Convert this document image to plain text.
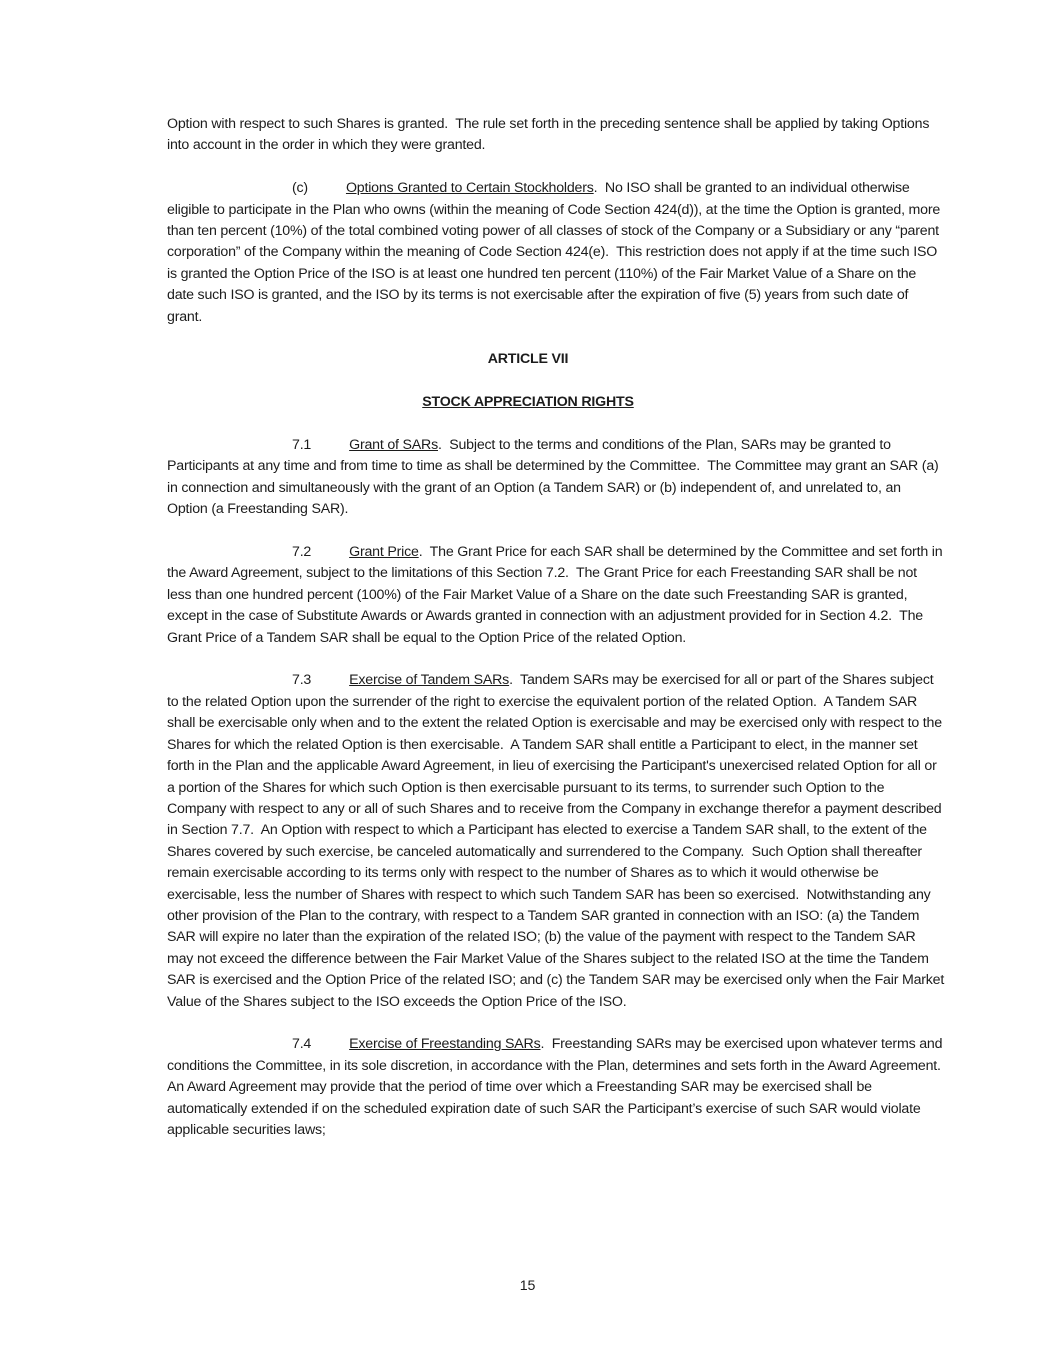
Option with respect to such Shares is granted.  The rule set forth in the preceding sentence shall be applied by taking Options into account in the order in which they were granted.

(c)	Options Granted to Certain Stockholders.  No ISO shall be granted to an individual otherwise eligible to participate in the Plan who owns (within the meaning of Code Section 424(d)), at the time the Option is granted, more than ten percent (10%) of the total combined voting power of all classes of stock of the Company or a Subsidiary or any “parent corporation” of the Company within the meaning of Code Section 424(e).  This restriction does not apply if at the time such ISO is granted the Option Price of the ISO is at least one hundred ten percent (110%) of the Fair Market Value of a Share on the date such ISO is granted, and the ISO by its terms is not exercisable after the expiration of five (5) years from such date of grant.

ARTICLE VII

STOCK APPRECIATION RIGHTS

7.1	Grant of SARs.  Subject to the terms and conditions of the Plan, SARs may be granted to Participants at any time and from time to time as shall be determined by the Committee.  The Committee may grant an SAR (a) in connection and simultaneously with the grant of an Option (a Tandem SAR) or (b) independent of, and unrelated to, an Option (a Freestanding SAR).

7.2	Grant Price.  The Grant Price for each SAR shall be determined by the Committee and set forth in the Award Agreement, subject to the limitations of this Section 7.2.  The Grant Price for each Freestanding SAR shall be not less than one hundred percent (100%) of the Fair Market Value of a Share on the date such Freestanding SAR is granted, except in the case of Substitute Awards or Awards granted in connection with an adjustment provided for in Section 4.2.  The Grant Price of a Tandem SAR shall be equal to the Option Price of the related Option.

7.3	Exercise of Tandem SARs.  Tandem SARs may be exercised for all or part of the Shares subject to the related Option upon the surrender of the right to exercise the equivalent portion of the related Option.  A Tandem SAR shall be exercisable only when and to the extent the related Option is exercisable and may be exercised only with respect to the Shares for which the related Option is then exercisable.  A Tandem SAR shall entitle a Participant to elect, in the manner set forth in the Plan and the applicable Award Agreement, in lieu of exercising the Participant's unexercised related Option for all or a portion of the Shares for which such Option is then exercisable pursuant to its terms, to surrender such Option to the Company with respect to any or all of such Shares and to receive from the Company in exchange therefor a payment described in Section 7.7.  An Option with respect to which a Participant has elected to exercise a Tandem SAR shall, to the extent of the Shares covered by such exercise, be canceled automatically and surrendered to the Company.  Such Option shall thereafter remain exercisable according to its terms only with respect to the number of Shares as to which it would otherwise be exercisable, less the number of Shares with respect to which such Tandem SAR has been so exercised.  Notwithstanding any other provision of the Plan to the contrary, with respect to a Tandem SAR granted in connection with an ISO: (a) the Tandem SAR will expire no later than the expiration of the related ISO; (b) the value of the payment with respect to the Tandem SAR may not exceed the difference between the Fair Market Value of the Shares subject to the related ISO at the time the Tandem SAR is exercised and the Option Price of the related ISO; and (c) the Tandem SAR may be exercised only when the Fair Market Value of the Shares subject to the ISO exceeds the Option Price of the ISO.

7.4	Exercise of Freestanding SARs.  Freestanding SARs may be exercised upon whatever terms and conditions the Committee, in its sole discretion, in accordance with the Plan, determines and sets forth in the Award Agreement. An Award Agreement may provide that the period of time over which a Freestanding SAR may be exercised shall be automatically extended if on the scheduled expiration date of such SAR the Participant’s exercise of such SAR would violate applicable securities laws;

15
